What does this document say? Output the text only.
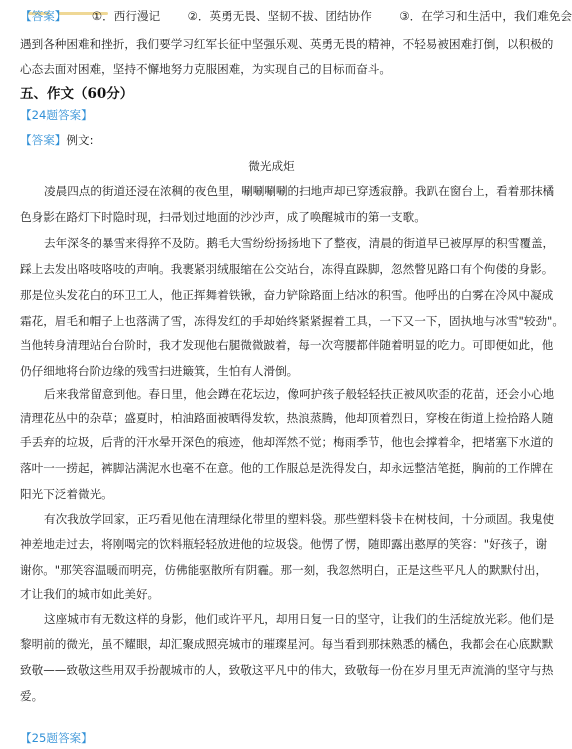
【答案】 ①．西行漫记 ②．英勇无畏、坚韧不拔、团结协作 ③．在学习和生活中，我们难免会
遇到各种困难和挫折，我们要学习红军长征中坚强乐观、英勇无畏的精神，不轻易被困难打倒，以积极的
心态去面对困难，坚持不懈地努力克服困难，为实现自己的目标而奋斗。
五、作文（60分）
【24题答案】
【答案】例文:
微光成炬
凌晨四点的街道还浸在浓稠的夜色里，唰唰唰唰的扫地声却已穿透寂静。我趴在窗台上，看着那抹橘
色身影在路灯下时隐时现，扫帚划过地面的沙沙声，成了唤醒城市的第一支歌。
去年深冬的暴雪来得猝不及防。鹅毛大雪纷纷扬扬地下了整夜，清晨的街道早已被厚厚的积雪覆盖，
踩上去发出咯吱咯吱的声响。我裹紧羽绒服缩在公交站台，冻得直跺脚，忽然瞥见路口有个佝偻的身影。
那是位头发花白的环卫工人，他正挥舞着铁锹，奋力铲除路面上结冰的积雪。他呼出的白雾在冷风中凝成
霜花，眉毛和帽子上也落满了雪，冻得发红的手却始终紧紧握着工具，一下又一下，固执地与冰雪"较劲"。
当他转身清理站台台阶时，我才发现他右腿微微跛着，每一次弯腰都伴随着明显的吃力。可即便如此，他
仍仔细地将台阶边缘的残雪扫进簸箕，生怕有人滑倒。
后来我常留意到他。春日里，他会蹲在花坛边，像呵护孩子般轻轻扶正被风吹歪的花苗，还会小心地
清理花丛中的杂草；盛夏时，柏油路面被晒得发软，热浪蒸腾，他却顶着烈日，穿梭在街道上捡拾路人随
手丢弃的垃圾，后背的汗水晕开深色的痕迹，他却浑然不觉；梅雨季节，他也会撑着伞，把堵塞下水道的
落叶一一捞起，裤脚沾满泥水也毫不在意。他的工作服总是洗得发白，却永远整洁笔挺，胸前的工作牌在
阳光下泛着微光。
有次我放学回家，正巧看见他在清理绿化带里的塑料袋。那些塑料袋卡在树枝间，十分顽固。我鬼使
神差地走过去，将刚喝完的饮料瓶轻轻放进他的垃圾袋。他愣了愣，随即露出憨厚的笑容："好孩子，谢
谢你。"那笑容温暖而明亮，仿佛能驱散所有阴霾。那一刻，我忽然明白，正是这些平凡人的默默付出，
才让我们的城市如此美好。
这座城市有无数这样的身影，他们或许平凡，却用日复一日的坚守，让我们的生活绽放光彩。他们是
黎明前的微光，虽不耀眼，却汇聚成照亮城市的璀璨星河。每当看到那抹熟悉的橘色，我都会在心底默默
致敬——致敬这些用双手扮靓城市的人，致敬这平凡中的伟大，致敬每一份在岁月里无声流淌的坚守与热
爱。
【25题答案】
